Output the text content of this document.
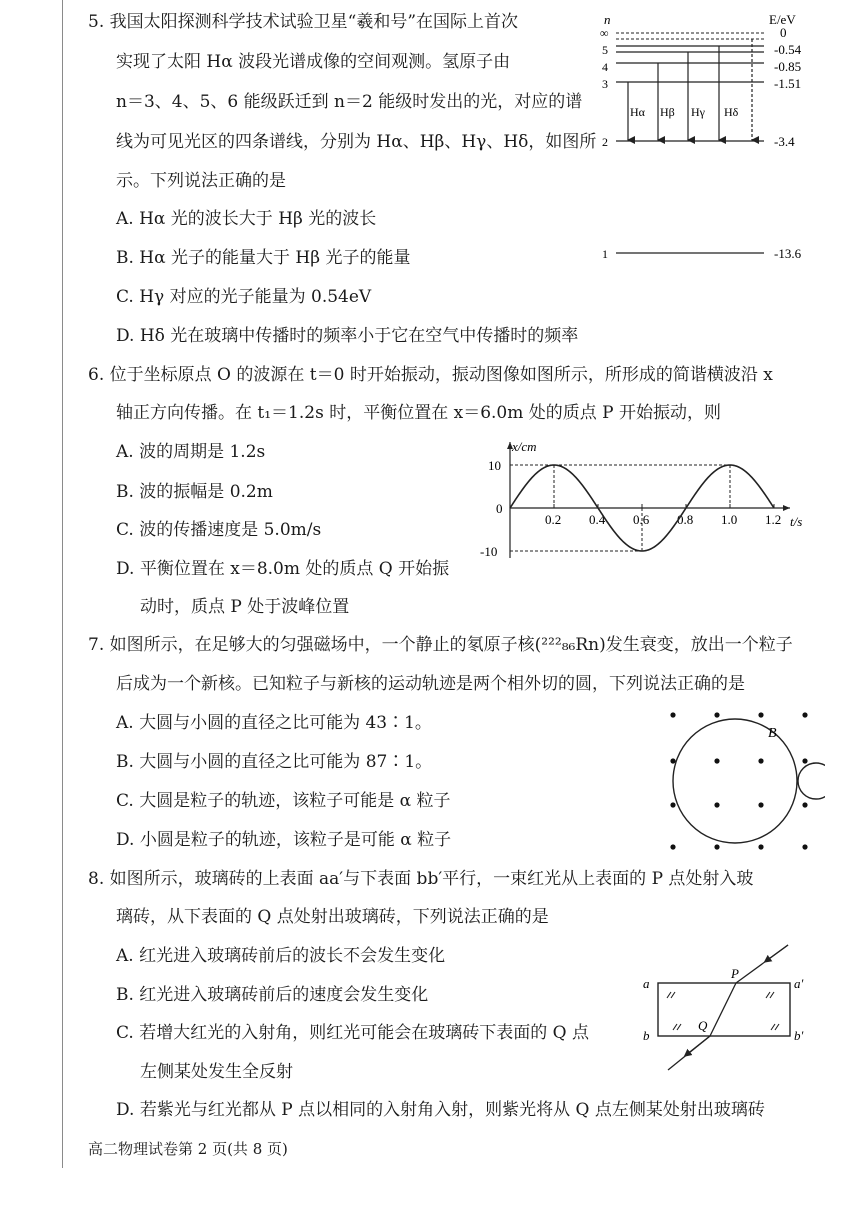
5. 我国太阳探测科学技术试验卫星“羲和号”在国际上首次
实现了太阳 Hα 波段光谱成像的空间观测。氢原子由
n＝3、4、5、6 能级跃迁到 n＝2 能级时发出的光，对应的谱
线为可见光区的四条谱线，分别为 Hα、Hβ、Hγ、Hδ，如图所
示。下列说法正确的是
A. Hα 光的波长大于 Hβ 光的波长
B. Hα 光子的能量大于 Hβ 光子的能量
C. Hγ 对应的光子能量为 0.54eV
D. Hδ 光在玻璃中传播时的频率小于它在空气中传播时的频率
n	E/eV
∞	0
5	-0.54
4	-0.85
3	-1.51
2	-3.4
1	-13.6
Hα Hβ Hγ Hδ
6. 位于坐标原点 O 的波源在 t＝0 时开始振动，振动图像如图所示，所形成的简谐横波沿 x
轴正方向传播。在 t₁＝1.2s 时，平衡位置在 x＝6.0m 处的质点 P 开始振动，则
A. 波的周期是 1.2s
B. 波的振幅是 0.2m
C. 波的传播速度是 5.0m/s
D. 平衡位置在 x＝8.0m 处的质点 Q 开始振
动时，质点 P 处于波峰位置
x/cm
t/s
0.2 0.4 0.6 0.8 1.0 1.2
10
0
-10
7. 如图所示，在足够大的匀强磁场中，一个静止的氡原子核(²²²₈₆Rn)发生衰变，放出一个粒子
后成为一个新核。已知粒子与新核的运动轨迹是两个相外切的圆，下列说法正确的是
A. 大圆与小圆的直径之比可能为 43∶1。
B. 大圆与小圆的直径之比可能为 87∶1。
C. 大圆是粒子的轨迹，该粒子可能是 α 粒子
D. 小圆是粒子的轨迹，该粒子是可能 α 粒子
B
8. 如图所示，玻璃砖的上表面 aa′与下表面 bb′平行，一束红光从上表面的 P 点处射入玻
璃砖，从下表面的 Q 点处射出玻璃砖，下列说法正确的是
A. 红光进入玻璃砖前后的波长不会发生变化
B. 红光进入玻璃砖前后的速度会发生变化
C. 若增大红光的入射角，则红光可能会在玻璃砖下表面的 Q 点
左侧某处发生全反射
D. 若紫光与红光都从 P 点以相同的入射角入射，则紫光将从 Q 点左侧某处射出玻璃砖
a	a′
b	b′
P
Q
高二物理试卷第 2 页(共 8 页)
